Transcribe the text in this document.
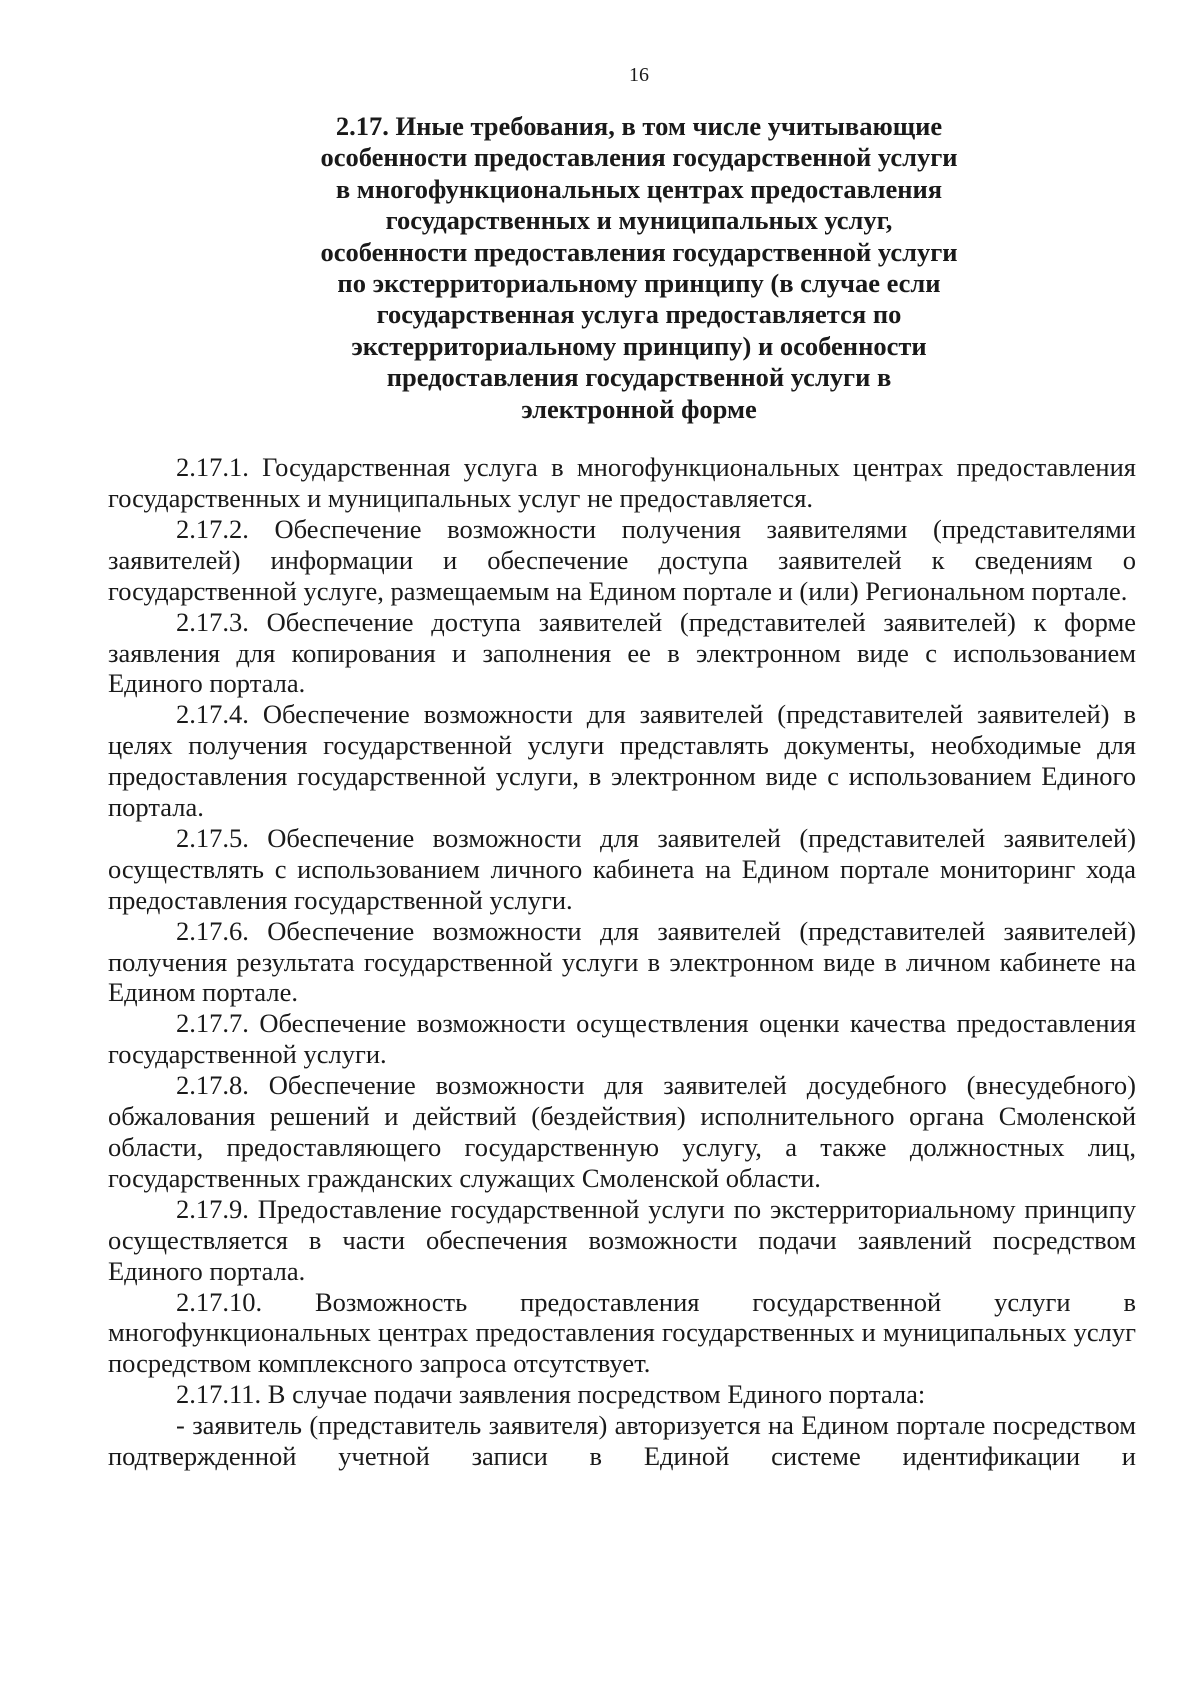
16
2.17. Иные требования, в том числе учитывающие
особенности предоставления государственной услуги
в многофункциональных центрах предоставления
государственных и муниципальных услуг,
особенности предоставления государственной услуги
по экстерриториальному принципу (в случае если
государственная услуга предоставляется по
экстерриториальному принципу) и особенности
предоставления государственной услуги в
электронной форме

2.17.1. Государственная услуга в многофункциональных центрах предоставления государственных и муниципальных услуг не предоставляется.

2.17.2. Обеспечение возможности получения заявителями (представителями заявителей) информации и обеспечение доступа заявителей к сведениям о государственной услуге, размещаемым на Едином портале и (или) Региональном портале.

2.17.3. Обеспечение доступа заявителей (представителей заявителей) к форме заявления для копирования и заполнения ее в электронном виде с использованием Единого портала.

2.17.4. Обеспечение возможности для заявителей (представителей заявителей) в целях получения государственной услуги представлять документы, необходимые для предоставления государственной услуги, в электронном виде с использованием Единого портала.

2.17.5. Обеспечение возможности для заявителей (представителей заявителей) осуществлять с использованием личного кабинета на Едином портале мониторинг хода предоставления государственной услуги.

2.17.6. Обеспечение возможности для заявителей (представителей заявителей) получения результата государственной услуги в электронном виде в личном кабинете на Едином портале.

2.17.7. Обеспечение возможности осуществления оценки качества предоставления государственной услуги.

2.17.8. Обеспечение возможности для заявителей досудебного (внесудебного) обжалования решений и действий (бездействия) исполнительного органа Смоленской области, предоставляющего государственную услугу, а также должностных лиц, государственных гражданских служащих Смоленской области.

2.17.9. Предоставление государственной услуги по экстерриториальному принципу осуществляется в части обеспечения возможности подачи заявлений посредством Единого портала.

2.17.10. Возможность предоставления государственной услуги в многофункциональных центрах предоставления государственных и муниципальных услуг посредством комплексного запроса отсутствует.

2.17.11. В случае подачи заявления посредством Единого портала:

- заявитель (представитель заявителя) авторизуется на Едином портале посредством подтвержденной учетной записи в Единой системе идентификации и
